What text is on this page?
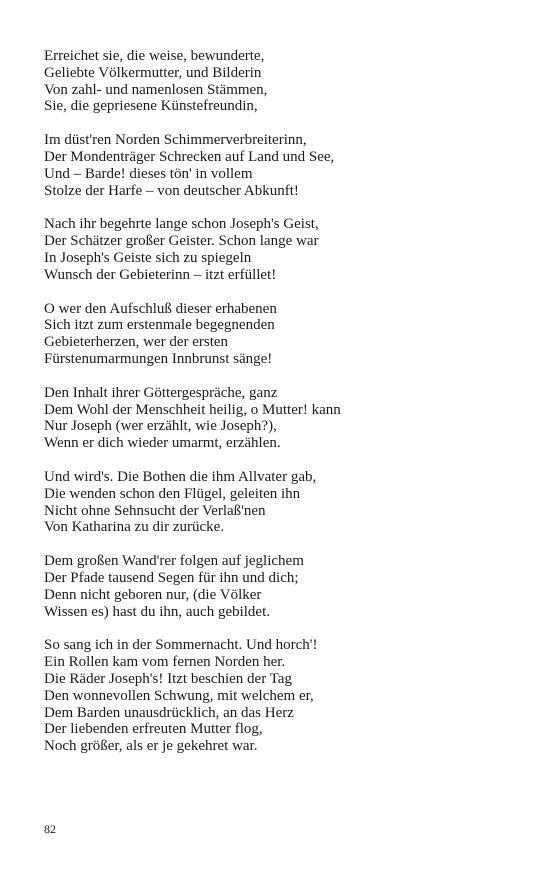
Erreichet sie, die weise, bewunderte,
Geliebte Völkermutter, und Bilderin
Von zahl- und namenlosen Stämmen,
Sie, die gepriesene Künstefreundin,
Im düst'ren Norden Schimmerverbreiterinn,
Der Mondenträger Schrecken auf Land und See,
Und – Barde! dieses tön' in vollem
Stolze der Harfe – von deutscher Abkunft!
Nach ihr begehrte lange schon Joseph's Geist,
Der Schätzer großer Geister. Schon lange war
In Joseph's Geiste sich zu spiegeln
Wunsch der Gebieterinn – itzt erfüllet!
O wer den Aufschluß dieser erhabenen
Sich itzt zum erstenmale begegnenden
Gebieterherzen, wer der ersten
Fürstenumarmungen Innbrunst sänge!
Den Inhalt ihrer Göttergespräche, ganz
Dem Wohl der Menschheit heilig, o Mutter! kann
Nur Joseph (wer erzählt, wie Joseph?),
Wenn er dich wieder umarmt, erzählen.
Und wird's. Die Bothen die ihm Allvater gab,
Die wenden schon den Flügel, geleiten ihn
Nicht ohne Sehnsucht der Verlaß'nen
Von Katharina zu dir zurücke.
Dem großen Wand'rer folgen auf jeglichem
Der Pfade tausend Segen für ihn und dich;
Denn nicht geboren nur, (die Völker
Wissen es) hast du ihn, auch gebildet.
So sang ich in der Sommernacht. Und horch'!
Ein Rollen kam vom fernen Norden her.
Die Räder Joseph's! Itzt beschien der Tag
Den wonnevollen Schwung, mit welchem er,
Dem Barden unausdrücklich, an das Herz
Der liebenden erfreuten Mutter flog,
Noch größer, als er je gekehret war.
82
